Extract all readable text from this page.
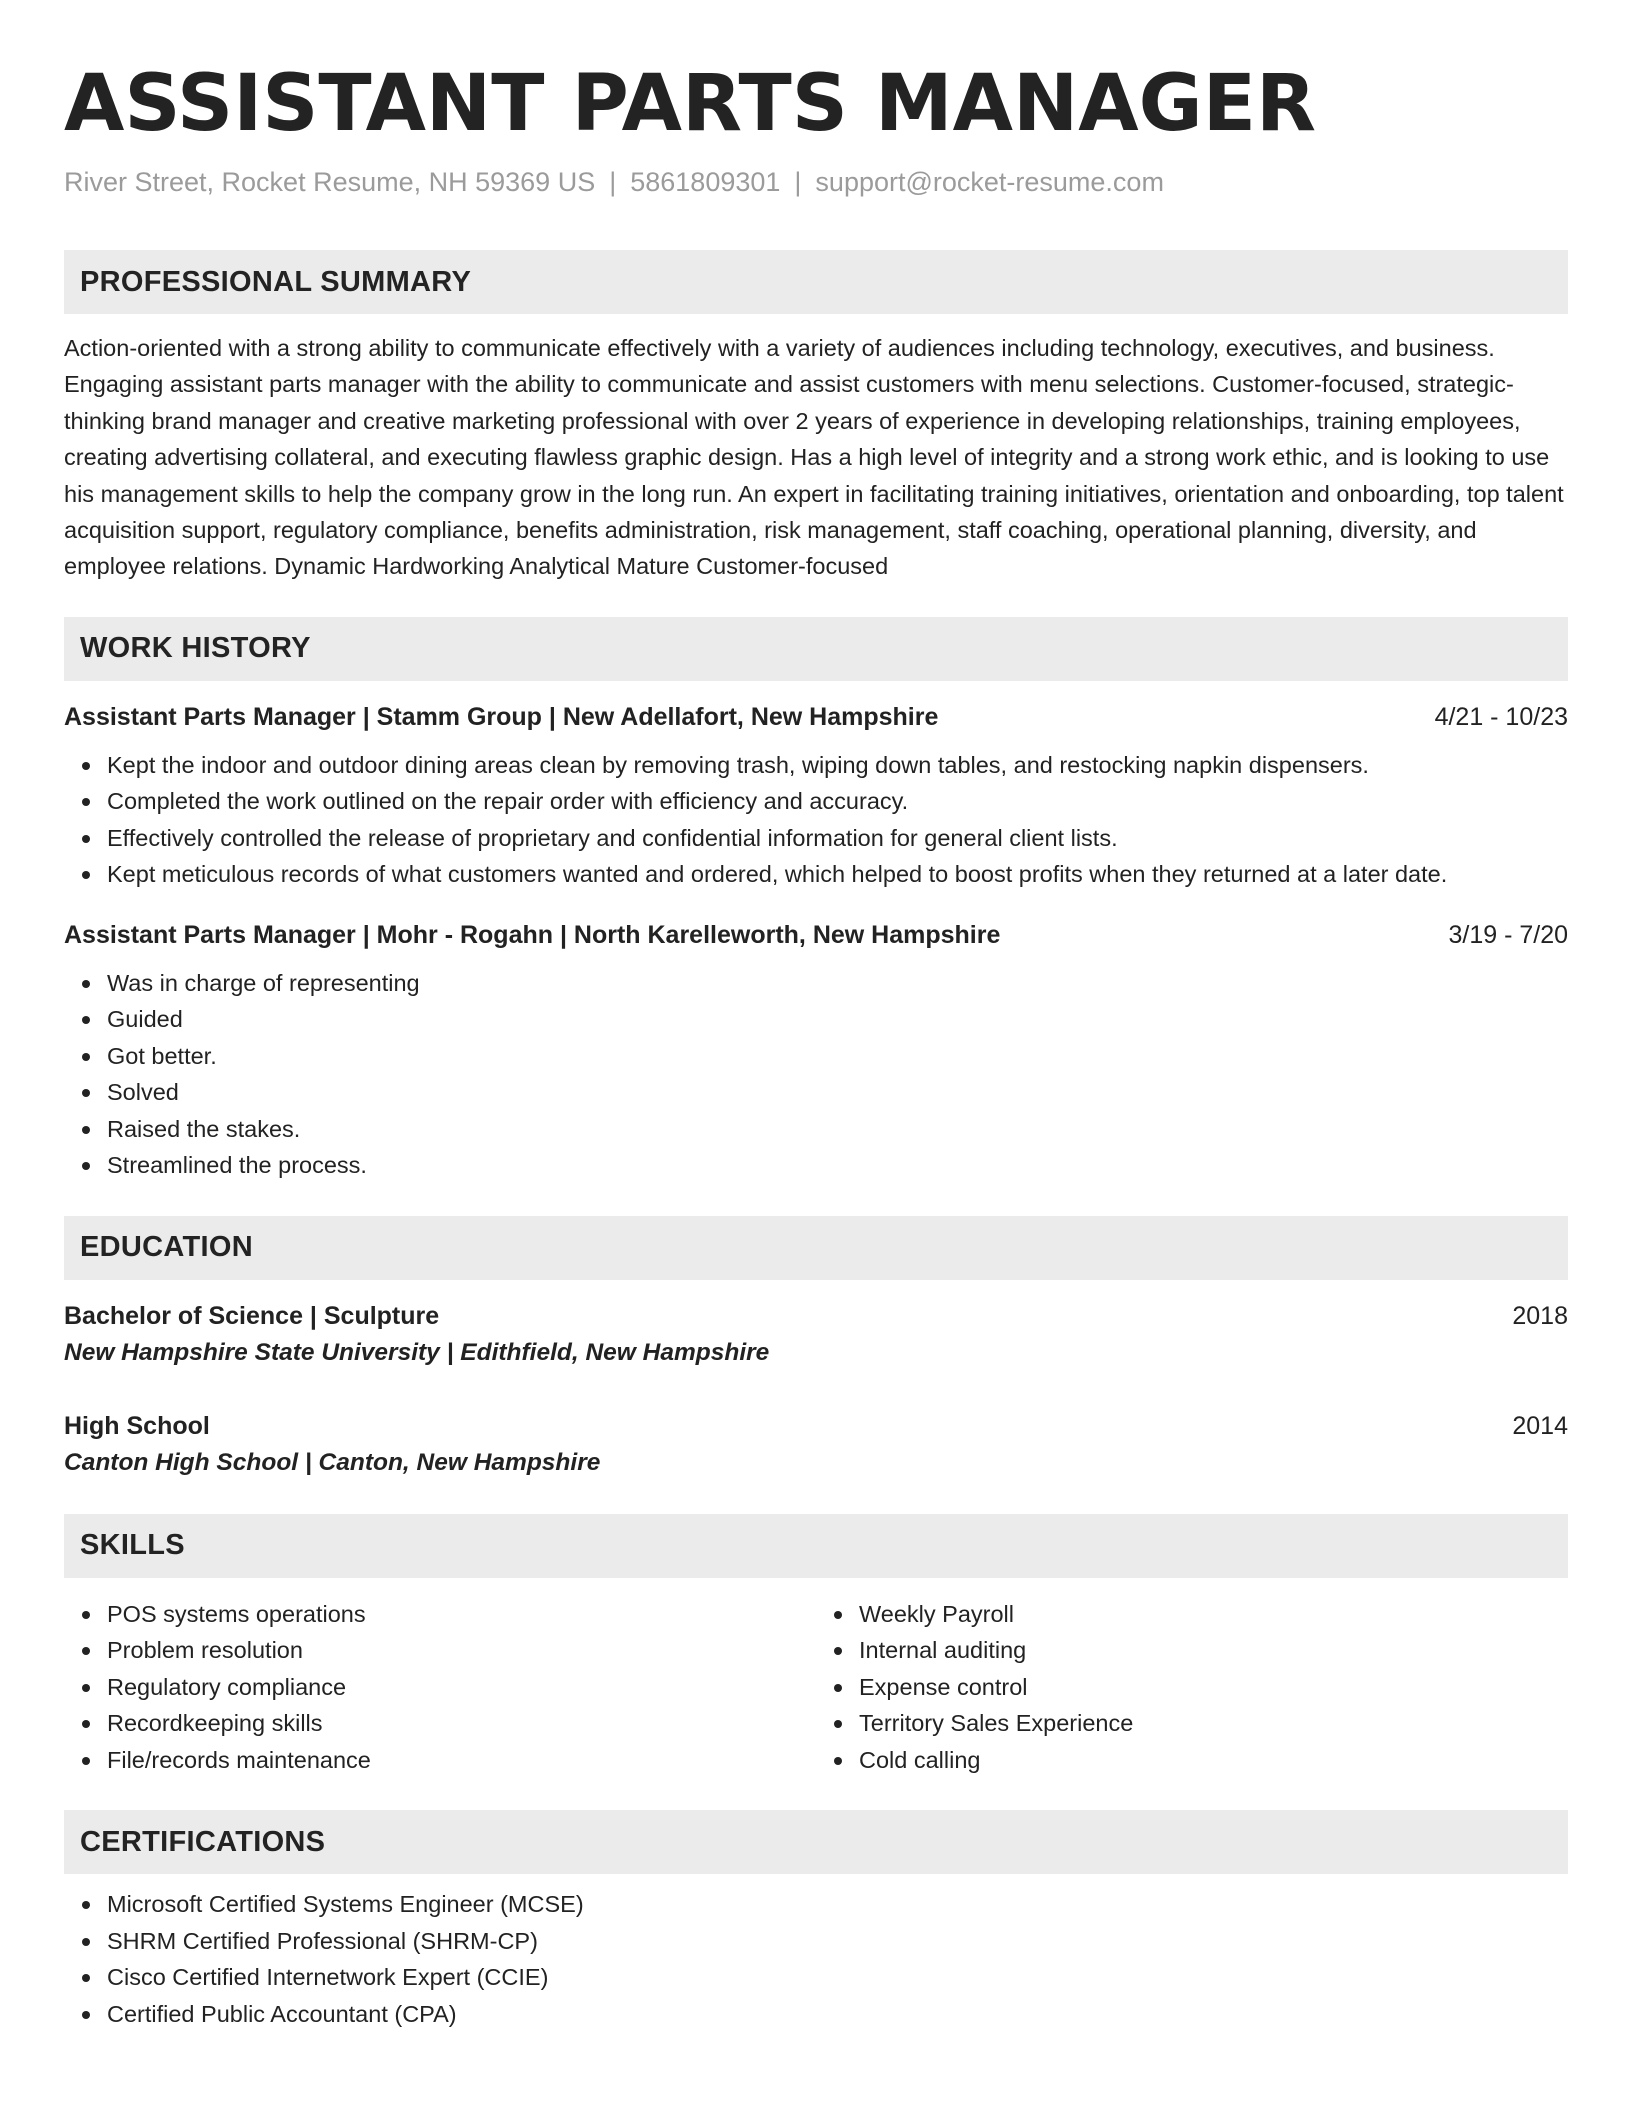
ASSISTANT PARTS MANAGER
River Street, Rocket Resume, NH 59369 US | 5861809301 | support@rocket-resume.com
PROFESSIONAL SUMMARY

Action-oriented with a strong ability to communicate effectively with a variety of audiences including technology, executives, and business. Engaging assistant parts manager with the ability to communicate and assist customers with menu selections. Customer-focused, strategic-thinking brand manager and creative marketing professional with over 2 years of experience in developing relationships, training employees, creating advertising collateral, and executing flawless graphic design. Has a high level of integrity and a strong work ethic, and is looking to use his management skills to help the company grow in the long run. An expert in facilitating training initiatives, orientation and onboarding, top talent acquisition support, regulatory compliance, benefits administration, risk management, staff coaching, operational planning, diversity, and employee relations. Dynamic Hardworking Analytical Mature Customer-focused

WORK HISTORY
Assistant Parts Manager | Stamm Group | New Adellafort, New Hampshire	4/21 - 10/23
Kept the indoor and outdoor dining areas clean by removing trash, wiping down tables, and restocking napkin dispensers.
Completed the work outlined on the repair order with efficiency and accuracy.
Effectively controlled the release of proprietary and confidential information for general client lists.
Kept meticulous records of what customers wanted and ordered, which helped to boost profits when they returned at a later date.
Assistant Parts Manager | Mohr - Rogahn | North Karelleworth, New Hampshire	3/19 - 7/20
Was in charge of representing
Guided
Got better.
Solved
Raised the stakes.
Streamlined the process.
EDUCATION
Bachelor of Science | Sculpture	2018
New Hampshire State University | Edithfield, New Hampshire
High School	2014
Canton High School | Canton, New Hampshire
SKILLS
POS systems operations
Problem resolution
Regulatory compliance
Recordkeeping skills
File/records maintenance
Weekly Payroll
Internal auditing
Expense control
Territory Sales Experience
Cold calling
CERTIFICATIONS
Microsoft Certified Systems Engineer (MCSE)
SHRM Certified Professional (SHRM-CP)
Cisco Certified Internetwork Expert (CCIE)
Certified Public Accountant (CPA)
